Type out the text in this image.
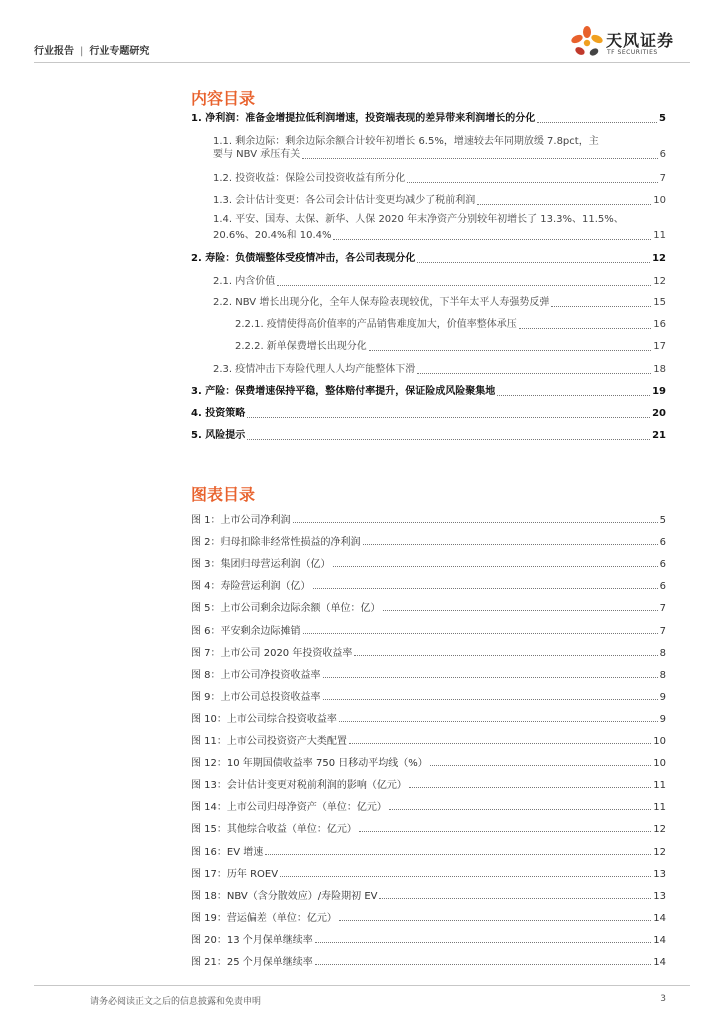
行业报告 | 行业专题研究
天风证券
TF SECURITIES
内容目录
1. 净利润：准备金增提拉低利润增速，投资端表现的差异带来利润增长的分化	5
1.1. 剩余边际：剩余边际余额合计较年初增长 6.5%，增速较去年同期放缓 7.8pct，主
要与 NBV 承压有关	6
1.2. 投资收益：保险公司投资收益有所分化	7
1.3. 会计估计变更：各公司会计估计变更均减少了税前利润	10
1.4. 平安、国寿、太保、新华、人保 2020 年末净资产分别较年初增长了 13.3%、11.5%、
20.6%、20.4%和 10.4%	11
2. 寿险：负债端整体受疫情冲击，各公司表现分化	12
2.1. 内含价值	12
2.2. NBV 增长出现分化，全年人保寿险表现较优，下半年太平人寿强势反弹	15
2.2.1. 疫情使得高价值率的产品销售难度加大，价值率整体承压	16
2.2.2. 新单保费增长出现分化	17
2.3. 疫情冲击下寿险代理人人均产能整体下滑	18
3. 产险：保费增速保持平稳，整体赔付率提升，保证险成风险聚集地	19
4. 投资策略	20
5. 风险提示	21
图表目录
图 1：上市公司净利润	5
图 2：归母扣除非经常性损益的净利润	6
图 3：集团归母营运利润（亿）	6
图 4：寿险营运利润（亿）	6
图 5：上市公司剩余边际余额（单位：亿）	7
图 6：平安剩余边际摊销	7
图 7：上市公司 2020 年投资收益率	8
图 8：上市公司净投资收益率	8
图 9：上市公司总投资收益率	9
图 10：上市公司综合投资收益率	9
图 11：上市公司投资资产大类配置	10
图 12：10 年期国债收益率 750 日移动平均线（%）	10
图 13：会计估计变更对税前利润的影响（亿元）	11
图 14：上市公司归母净资产（单位：亿元）	11
图 15：其他综合收益（单位：亿元）	12
图 16：EV 增速	12
图 17：历年 ROEV	13
图 18：NBV（含分散效应）/寿险期初 EV	13
图 19：营运偏差（单位：亿元）	14
图 20：13 个月保单继续率	14
图 21：25 个月保单继续率	14
请务必阅读正文之后的信息披露和免责申明	3
